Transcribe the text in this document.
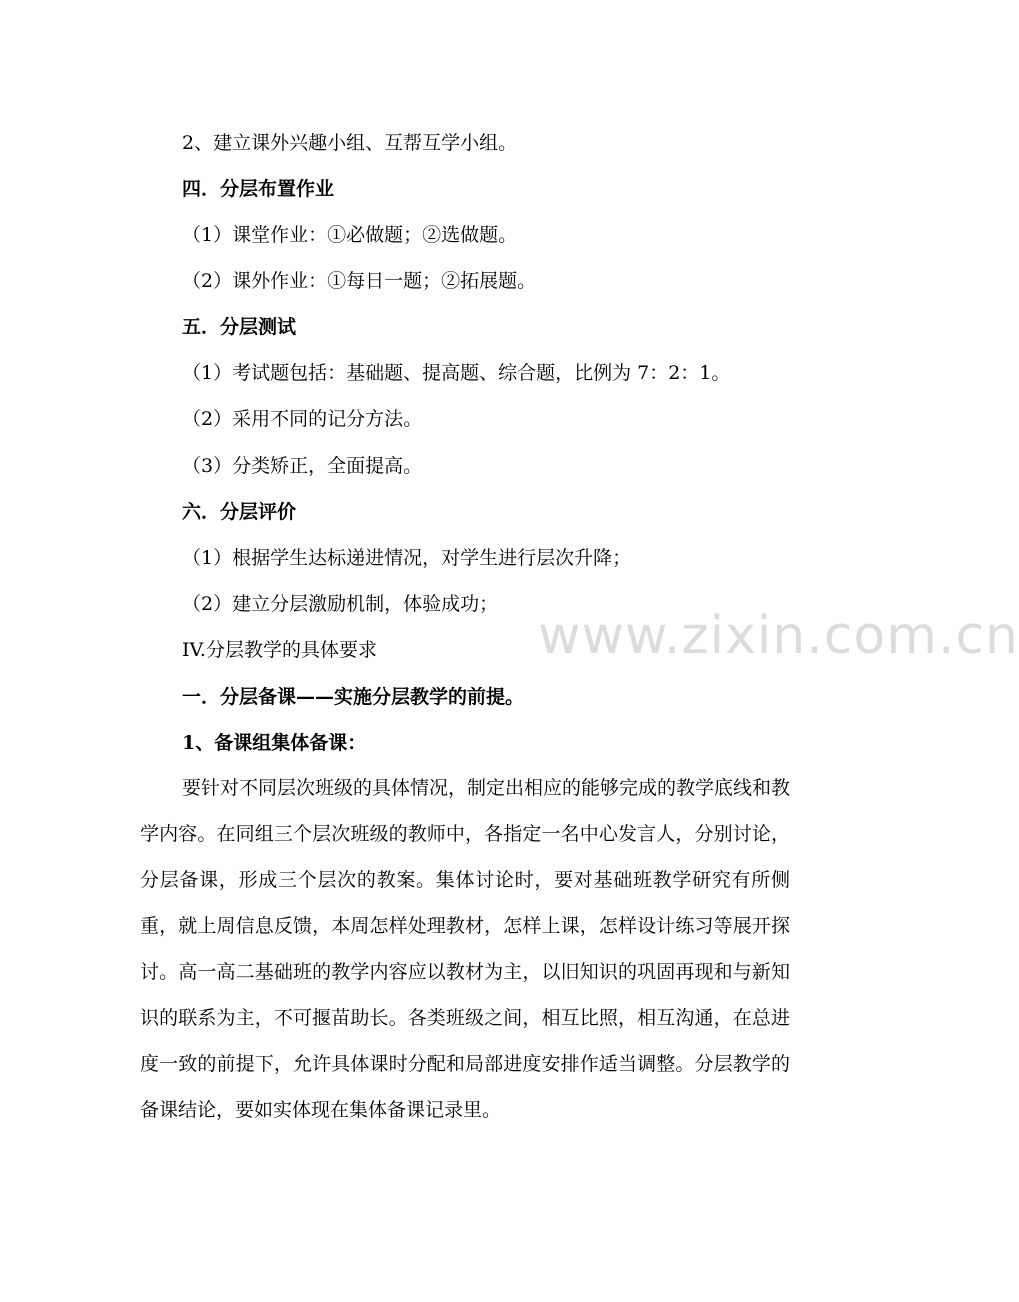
2、建立课外兴趣小组、互帮互学小组。

四．分层布置作业

（1）课堂作业：①必做题；②选做题。

（2）课外作业：①每日一题；②拓展题。

五．分层测试

（1）考试题包括：基础题、提高题、综合题，比例为 7：2：1。

（2）采用不同的记分方法。

（3）分类矫正，全面提高。

六．分层评价

（1）根据学生达标递进情况，对学生进行层次升降；

（2）建立分层激励机制，体验成功；

www.zixin.com.cn

IV.分层教学的具体要求

一．分层备课——实施分层教学的前提。

1、备课组集体备课：

要针对不同层次班级的具体情况，制定出相应的能够完成的教学底线和教学内容。在同组三个层次班级的教师中，各指定一名中心发言人，分别讨论，分层备课，形成三个层次的教案。集体讨论时，要对基础班教学研究有所侧重，就上周信息反馈，本周怎样处理教材，怎样上课，怎样设计练习等展开探讨。高一高二基础班的教学内容应以教材为主，以旧知识的巩固再现和与新知识的联系为主，不可揠苗助长。各类班级之间，相互比照，相互沟通，在总进度一致的前提下，允许具体课时分配和局部进度安排作适当调整。分层教学的备课结论，要如实体现在集体备课记录里。
